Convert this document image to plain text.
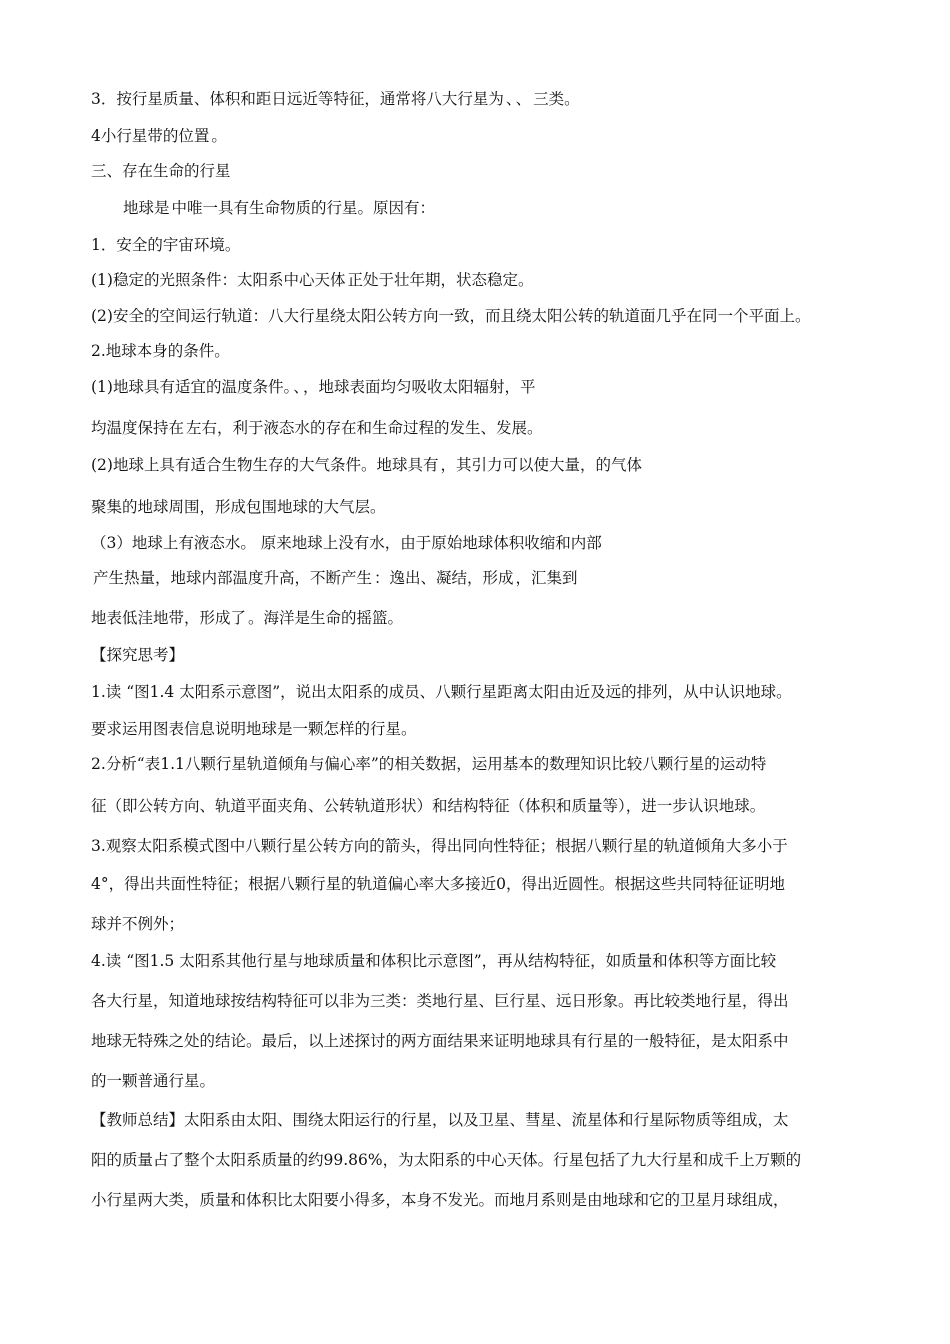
3．按行星质量、体积和距日远近等特征，通常将八大行星为 、 、 三类。
4小行星带的位置 。
三、存在生命的行星
地球是 中唯一具有生命物质的行星。原因有：
1．安全的宇宙环境。
(1)稳定的光照条件：太阳系中心天体 正处于壮年期，状态稳定。
(2)安全的空间运行轨道：八大行星绕太阳公转方向一致，而且绕太阳公转的轨道面几乎在同一个平面上。
2.地球本身的条件。
(1)地球具有适宜的温度条件。 、 ，地球表面均匀吸收太阳辐射，平
均温度保持在 左右，利于液态水的存在和生命过程的发生、发展。
(2)地球上具有适合生物生存的大气条件。地球具有 ，其引力可以使大量，的气体
聚集的地球周围，形成包围地球的大气层。
（3）地球上有液态水。 原来地球上没有水，由于原始地球体积收缩和内部
产生热量，地球内部温度升高，不断产生 ：逸出、凝结，形成 ，汇集到
地表低洼地带，形成了 。海洋是生命的摇篮。
【探究思考】
1.读 “图1.4 太阳系示意图”，说出太阳系的成员、八颗行星距离太阳由近及远的排列，从中认识地球。
要求运用图表信息说明地球是一颗怎样的行星。
2.分析“表1.1八颗行星轨道倾角与偏心率”的相关数据，运用基本的数理知识比较八颗行星的运动特
征（即公转方向、轨道平面夹角、公转轨道形状）和结构特征（体积和质量等），进一步认识地球。
3.观察太阳系模式图中八颗行星公转方向的箭头，得出同向性特征；根据八颗行星的轨道倾角大多小于
4°，得出共面性特征；根据八颗行星的轨道偏心率大多接近0，得出近圆性。根据这些共同特征证明地
球并不例外；
4.读 “图1.5 太阳系其他行星与地球质量和体积比示意图”，再从结构特征，如质量和体积等方面比较
各大行星，知道地球按结构特征可以非为三类：类地行星、巨行星、远日形象。再比较类地行星，得出
地球无特殊之处的结论。最后，以上述探讨的两方面结果来证明地球具有行星的一般特征，是太阳系中
的一颗普通行星。
【教师总结】太阳系由太阳、围绕太阳运行的行星，以及卫星、彗星、流星体和行星际物质等组成，太
阳的质量占了整个太阳系质量的约99.86%，为太阳系的中心天体。行星包括了九大行星和成千上万颗的
小行星两大类，质量和体积比太阳要小得多，本身不发光。而地月系则是由地球和它的卫星月球组成，
